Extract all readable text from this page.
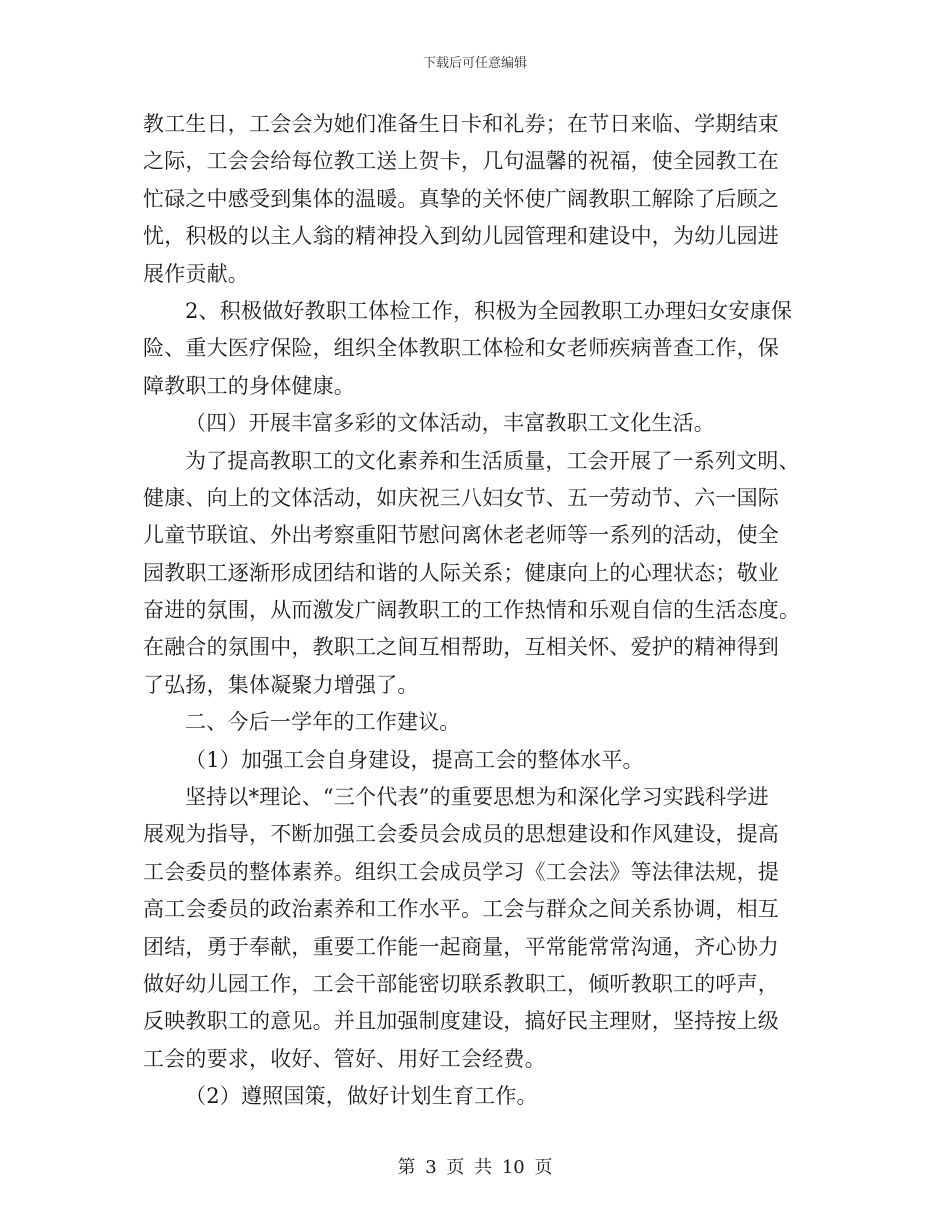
下载后可任意编辑
教工生日，工会会为她们准备生日卡和礼券；在节日来临、学期结束
之际，工会会给每位教工送上贺卡，几句温馨的祝福，使全园教工在
忙碌之中感受到集体的温暖。真挚的关怀使广阔教职工解除了后顾之
忧，积极的以主人翁的精神投入到幼儿园管理和建设中，为幼儿园进
展作贡献。
2、积极做好教职工体检工作，积极为全园教职工办理妇女安康保
险、重大医疗保险，组织全体教职工体检和女老师疾病普查工作，保
障教职工的身体健康。
（四）开展丰富多彩的文体活动，丰富教职工文化生活。
为了提高教职工的文化素养和生活质量，工会开展了一系列文明、
健康、向上的文体活动，如庆祝三八妇女节、五一劳动节、六一国际
儿童节联谊、外出考察重阳节慰问离休老老师等一系列的活动，使全
园教职工逐渐形成团结和谐的人际关系；健康向上的心理状态；敬业
奋进的氛围，从而激发广阔教职工的工作热情和乐观自信的生活态度。
在融合的氛围中，教职工之间互相帮助，互相关怀、爱护的精神得到
了弘扬，集体凝聚力增强了。
二、今后一学年的工作建议。
（1）加强工会自身建设，提高工会的整体水平。
坚持以*理论、“三个代表”的重要思想为和深化学习实践科学进
展观为指导，不断加强工会委员会成员的思想建设和作风建设，提高
工会委员的整体素养。组织工会成员学习《工会法》等法律法规，提
高工会委员的政治素养和工作水平。工会与群众之间关系协调，相互
团结，勇于奉献，重要工作能一起商量，平常能常常沟通，齐心协力
做好幼儿园工作，工会干部能密切联系教职工，倾听教职工的呼声，
反映教职工的意见。并且加强制度建设，搞好民主理财，坚持按上级
工会的要求，收好、管好、用好工会经费。
（2）遵照国策，做好计划生育工作。
第 3 页 共 10 页
